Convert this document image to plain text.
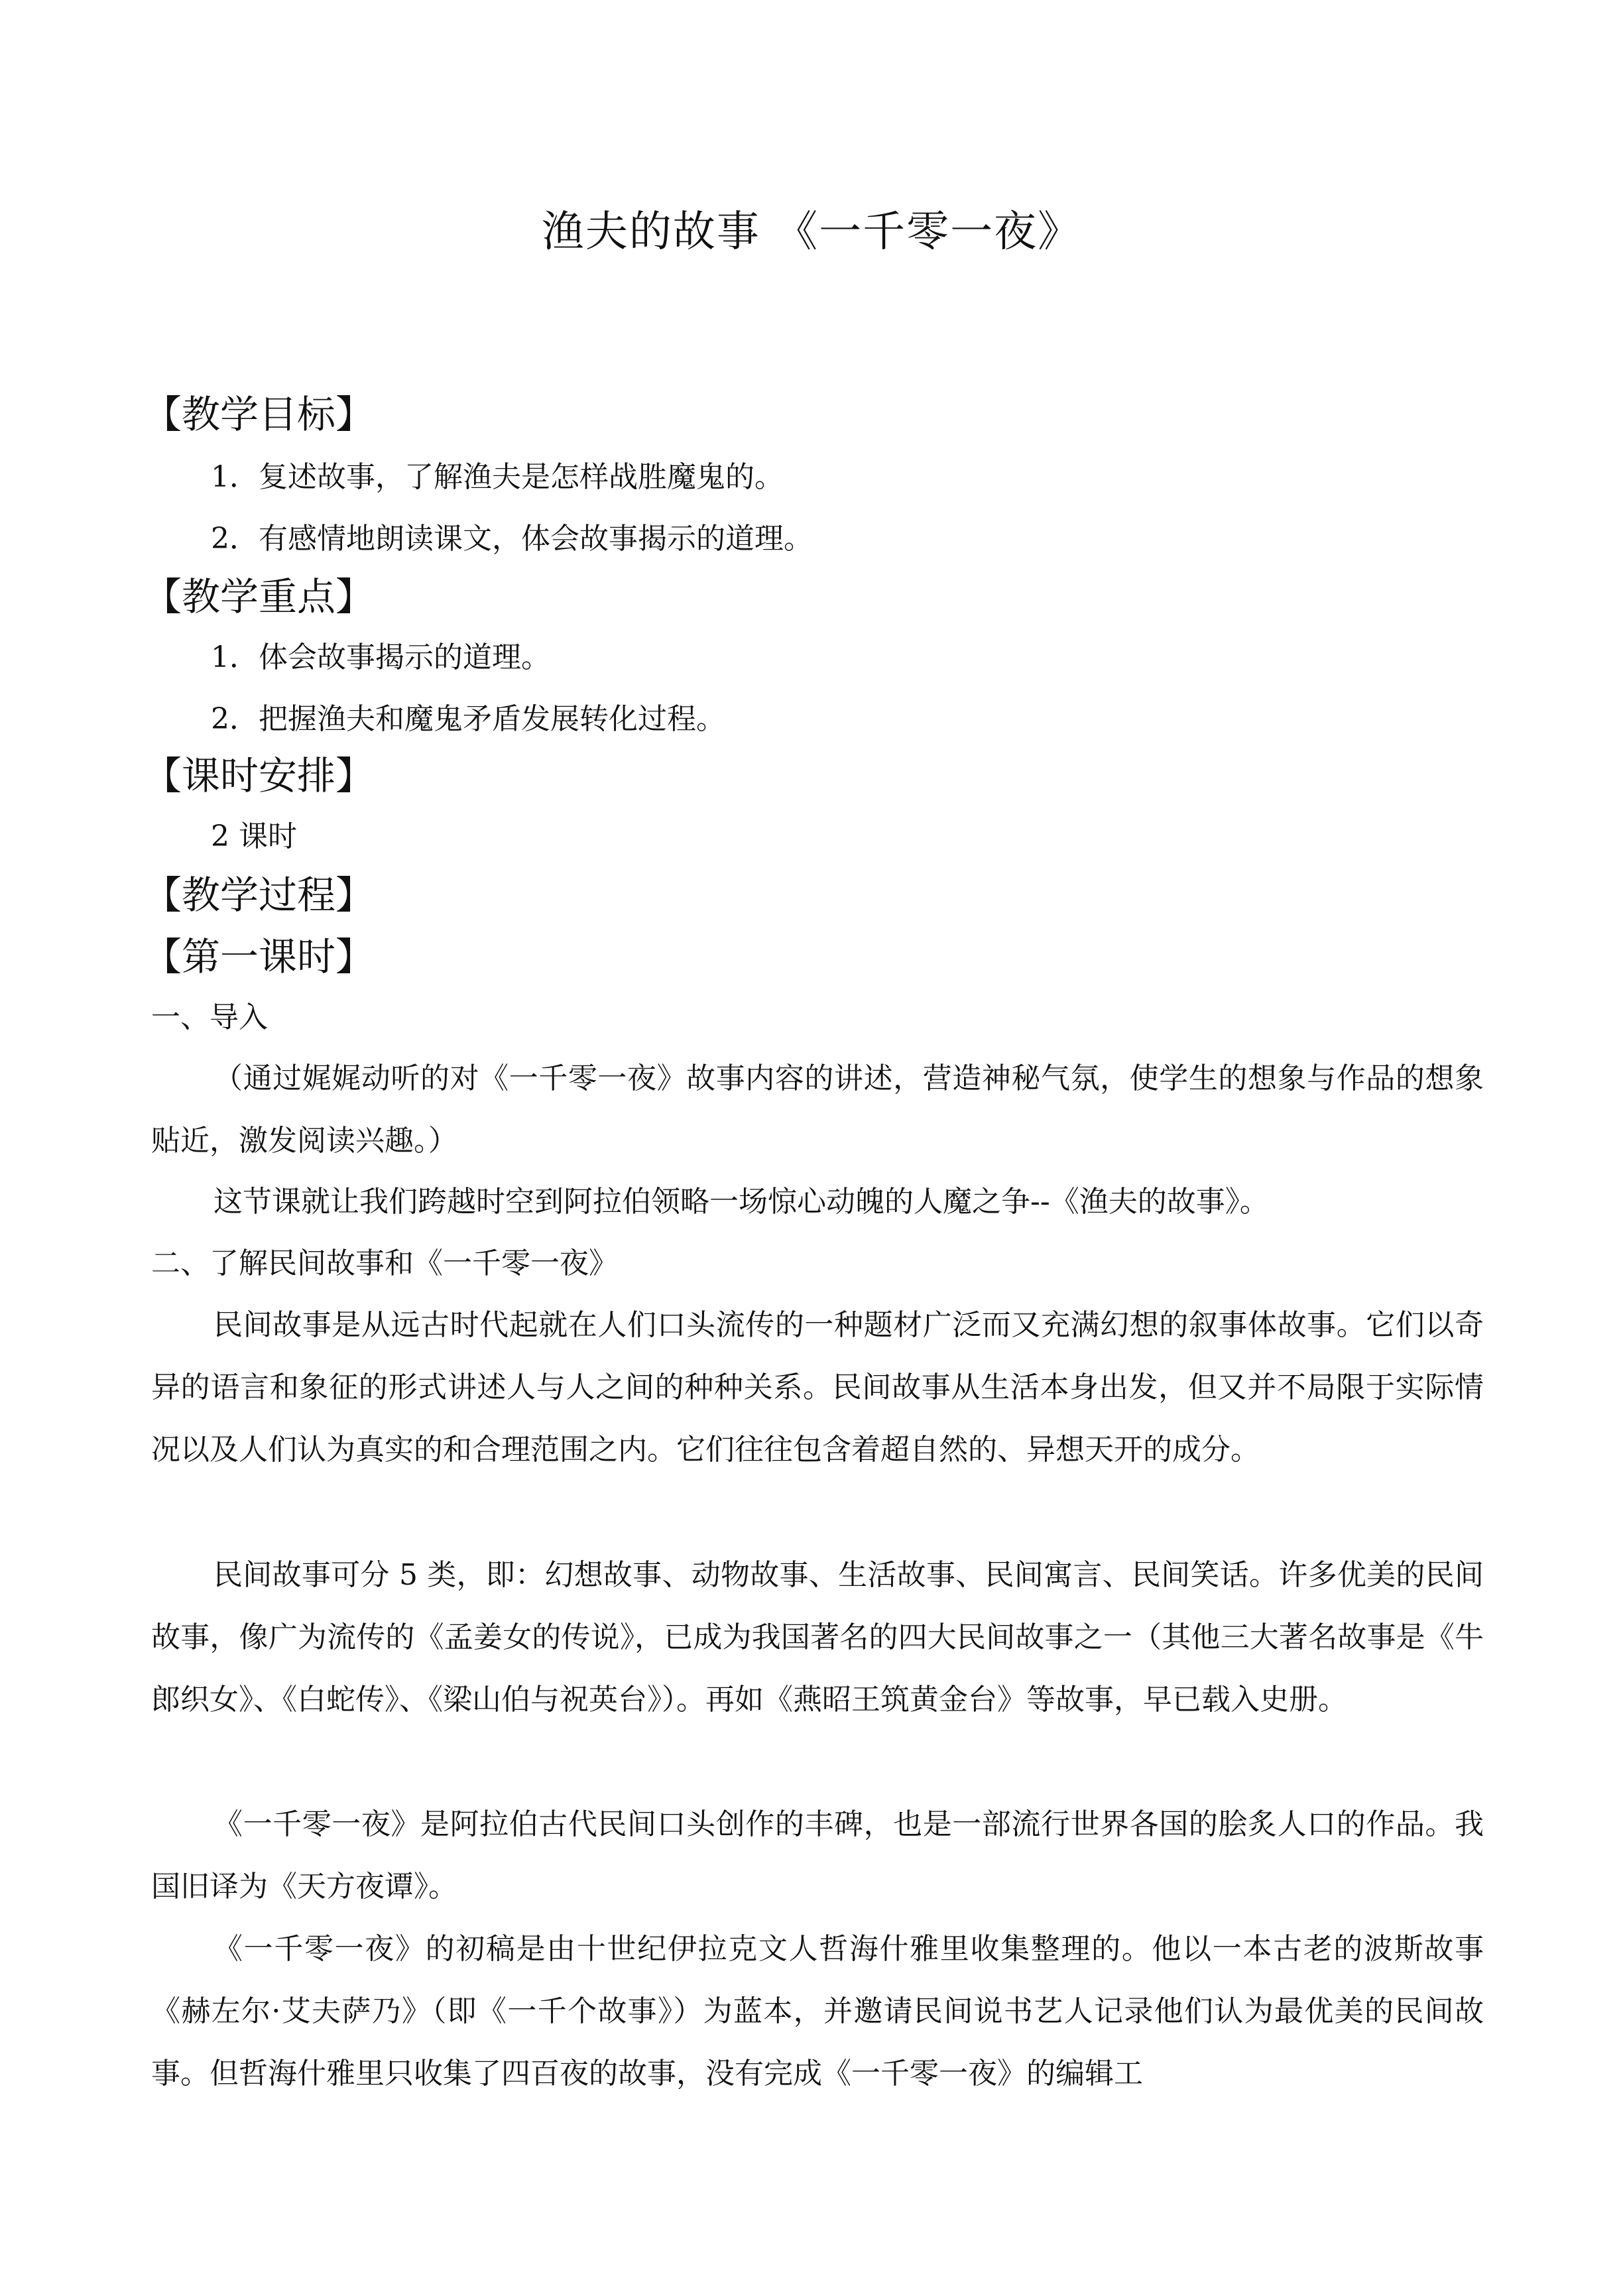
渔夫的故事 《一千零一夜》
【教学目标】
1．复述故事，了解渔夫是怎样战胜魔鬼的。
2．有感情地朗读课文，体会故事揭示的道理。
【教学重点】
1．体会故事揭示的道理。
2．把握渔夫和魔鬼矛盾发展转化过程。
【课时安排】
2 课时
【教学过程】
【第一课时】
一、导入
（通过娓娓动听的对《一千零一夜》故事内容的讲述，营造神秘气氛，使学生的想象与作品的想象贴近，激发阅读兴趣。）
这节课就让我们跨越时空到阿拉伯领略一场惊心动魄的人魔之争--《渔夫的故事》。
二、了解民间故事和《一千零一夜》
民间故事是从远古时代起就在人们口头流传的一种题材广泛而又充满幻想的叙事体故事。它们以奇异的语言和象征的形式讲述人与人之间的种种关系。民间故事从生活本身出发，但又并不局限于实际情况以及人们认为真实的和合理范围之内。它们往往包含着超自然的、异想天开的成分。
民间故事可分 5 类，即：幻想故事、动物故事、生活故事、民间寓言、民间笑话。许多优美的民间故事，像广为流传的《孟姜女的传说》，已成为我国著名的四大民间故事之一（其他三大著名故事是《牛郎织女》、《白蛇传》、《梁山伯与祝英台》）。再如《燕昭王筑黄金台》等故事，早已载入史册。
《一千零一夜》是阿拉伯古代民间口头创作的丰碑，也是一部流行世界各国的脍炙人口的作品。我国旧译为《天方夜谭》。
《一千零一夜》的初稿是由十世纪伊拉克文人哲海什雅里收集整理的。他以一本古老的波斯故事《赫左尔·艾夫萨乃》（即《一千个故事》）为蓝本，并邀请民间说书艺人记录他们认为最优美的民间故事。但哲海什雅里只收集了四百夜的故事，没有完成《一千零一夜》的编辑工
